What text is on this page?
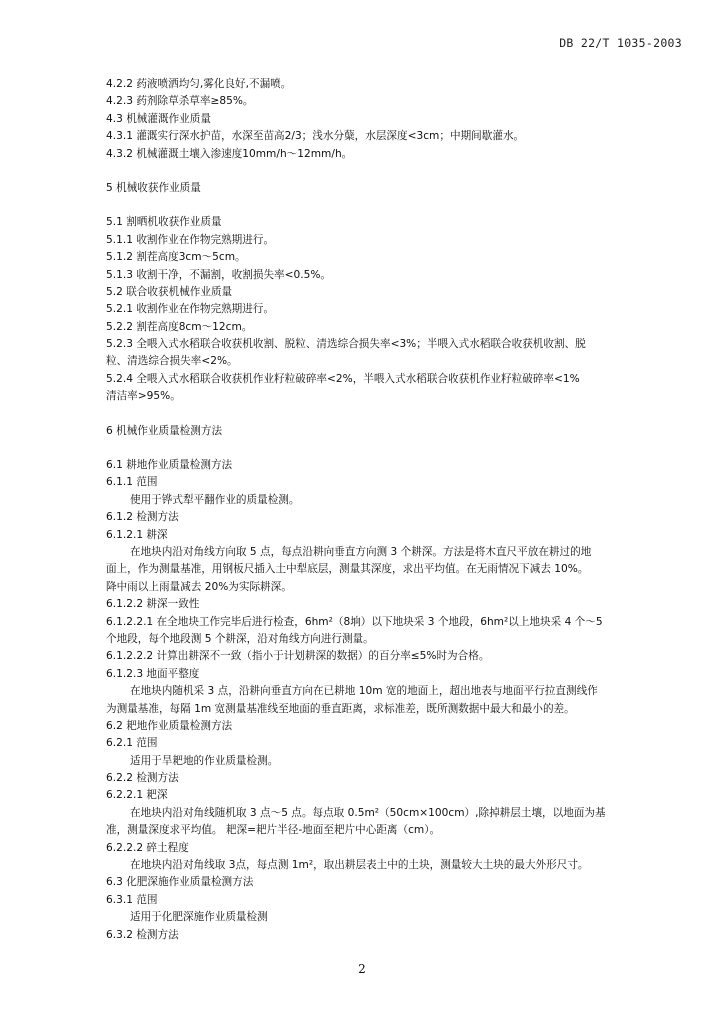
DB 22/T 1035-2003
4.2.2 药液喷洒均匀,雾化良好,不漏喷。
4.2.3 药剂除草杀草率≥85%。
4.3 机械灌溉作业质量
4.3.1 灌溉实行深水护苗，水深至苗高2/3；浅水分蘖，水层深度<3cm；中期间歇灌水。
4.3.2 机械灌溉土壤入渗速度10mm/h～12mm/h。
5 机械收获作业质量
5.1 割晒机收获作业质量
5.1.1 收割作业在作物完熟期进行。
5.1.2 割茬高度3cm～5cm。
5.1.3 收割干净，不漏割，收割损失率<0.5%。
5.2 联合收获机械作业质量
5.2.1 收割作业在作物完熟期进行。
5.2.2 割茬高度8cm～12cm。
5.2.3 全喂入式水稻联合收获机收割、脱粒、清选综合损失率<3%；半喂入式水稻联合收获机收割、脱
粒、清选综合损失率<2%。
5.2.4 全喂入式水稻联合收获机作业籽粒破碎率<2%，半喂入式水稻联合收获机作业籽粒破碎率<1%
清洁率>95%。
6 机械作业质量检测方法
6.1 耕地作业质量检测方法
6.1.1 范围
使用于铧式犁平翻作业的质量检测。
6.1.2 检测方法
6.1.2.1 耕深
在地块内沿对角线方向取 5 点，每点沿耕向垂直方向测 3 个耕深。方法是将木直尺平放在耕过的地
面上，作为测量基准，用钢板尺插入土中犁底层，测量其深度，求出平均值。在无雨情况下减去 10%。
降中雨以上雨量减去 20%为实际耕深。
6.1.2.2 耕深一致性
6.1.2.2.1 在全地块工作完毕后进行检查，6hm²（8垧）以下地块采 3 个地段，6hm²以上地块采 4 个～5
个地段，每个地段测 5 个耕深，沿对角线方向进行测量。
6.1.2.2.2 计算出耕深不一致（指小于计划耕深的数据）的百分率≤5%时为合格。
6.1.2.3 地面平整度
在地块内随机采 3 点，沿耕向垂直方向在已耕地 10m 宽的地面上，超出地表与地面平行拉直测线作
为测量基准，每隔 1m 宽测量基准线至地面的垂直距离，求标准差，既所测数据中最大和最小的差。
6.2 耙地作业质量检测方法
6.2.1 范围
适用于旱耙地的作业质量检测。
6.2.2 检测方法
6.2.2.1 耙深
在地块内沿对角线随机取 3 点～5 点。每点取 0.5m²（50cm×100cm）,除掉耕层土壤，以地面为基
准，测量深度求平均值。 耙深=耙片半径-地面至耙片中心距离（cm）。
6.2.2.2 碎土程度
在地块内沿对角线取 3点，每点测 1m²，取出耕层表土中的土块，测量较大土块的最大外形尺寸。
6.3 化肥深施作业质量检测方法
6.3.1 范围
适用于化肥深施作业质量检测
6.3.2 检测方法
2
